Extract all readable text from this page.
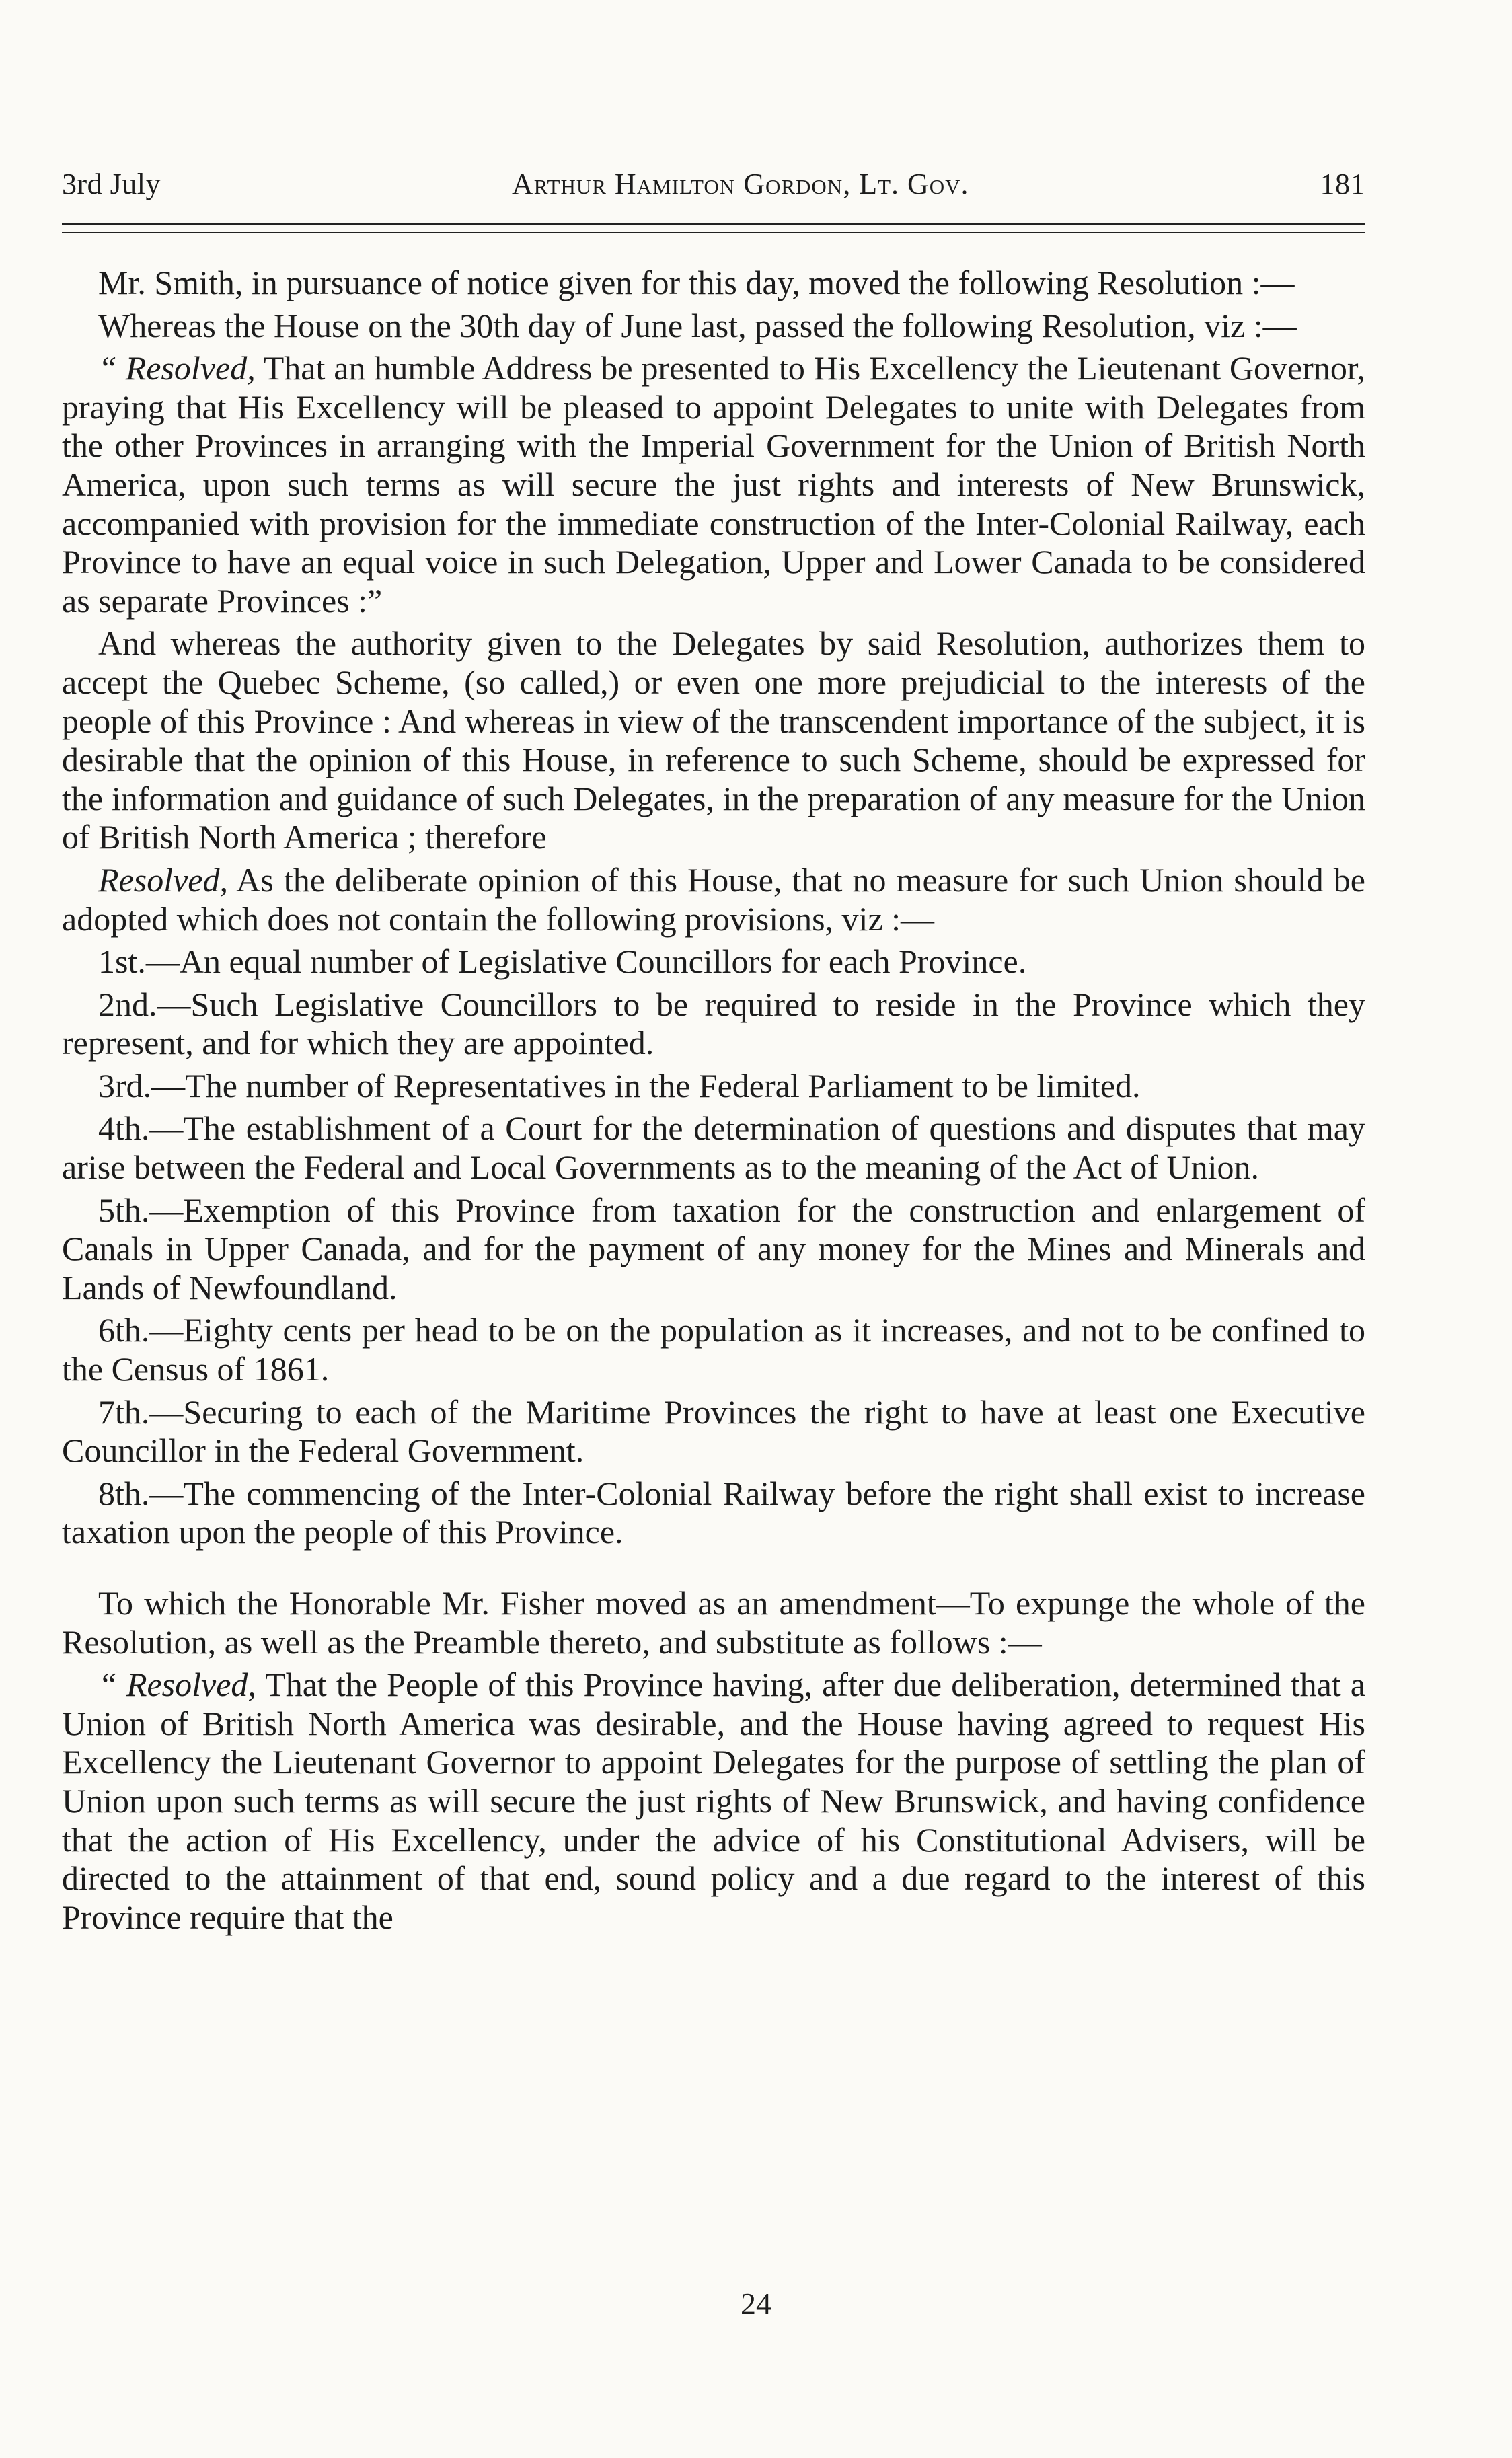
3rd July	Arthur Hamilton Gordon, Lt. Gov.	181

Mr. Smith, in pursuance of notice given for this day, moved the following Resolution :—

Whereas the House on the 30th day of June last, passed the following Resolution, viz :—

“ Resolved, That an humble Address be presented to His Excellency the Lieutenant Governor, praying that His Excellency will be pleased to appoint Delegates to unite with Delegates from the other Provinces in arranging with the Imperial Government for the Union of British North America, upon such terms as will secure the just rights and interests of New Brunswick, accompanied with provision for the immediate construction of the Inter-Colonial Railway, each Province to have an equal voice in such Delegation, Upper and Lower Canada to be considered as separate Provinces :”

And whereas the authority given to the Delegates by said Resolution, authorizes them to accept the Quebec Scheme, (so called,) or even one more prejudicial to the interests of the people of this Province : And whereas in view of the transcendent importance of the subject, it is desirable that the opinion of this House, in reference to such Scheme, should be expressed for the information and guidance of such Delegates, in the preparation of any measure for the Union of British North America ; therefore

Resolved, As the deliberate opinion of this House, that no measure for such Union should be adopted which does not contain the following provisions, viz :—

1st.—An equal number of Legislative Councillors for each Province.

2nd.—Such Legislative Councillors to be required to reside in the Province which they represent, and for which they are appointed.

3rd.—The number of Representatives in the Federal Parliament to be limited.

4th.—The establishment of a Court for the determination of questions and disputes that may arise between the Federal and Local Governments as to the meaning of the Act of Union.

5th.—Exemption of this Province from taxation for the construction and enlargement of Canals in Upper Canada, and for the payment of any money for the Mines and Minerals and Lands of Newfoundland.

6th.—Eighty cents per head to be on the population as it increases, and not to be confined to the Census of 1861.

7th.—Securing to each of the Maritime Provinces the right to have at least one Executive Councillor in the Federal Government.

8th.—The commencing of the Inter-Colonial Railway before the right shall exist to increase taxation upon the people of this Province.

To which the Honorable Mr. Fisher moved as an amendment—To expunge the whole of the Resolution, as well as the Preamble thereto, and substitute as follows :—

“ Resolved, That the People of this Province having, after due deliberation, determined that a Union of British North America was desirable, and the House having agreed to request His Excellency the Lieutenant Governor to appoint Delegates for the purpose of settling the plan of Union upon such terms as will secure the just rights of New Brunswick, and having confidence that the action of His Excellency, under the advice of his Constitutional Advisers, will be directed to the attainment of that end, sound policy and a due regard to the interest of this Province require that the

24
